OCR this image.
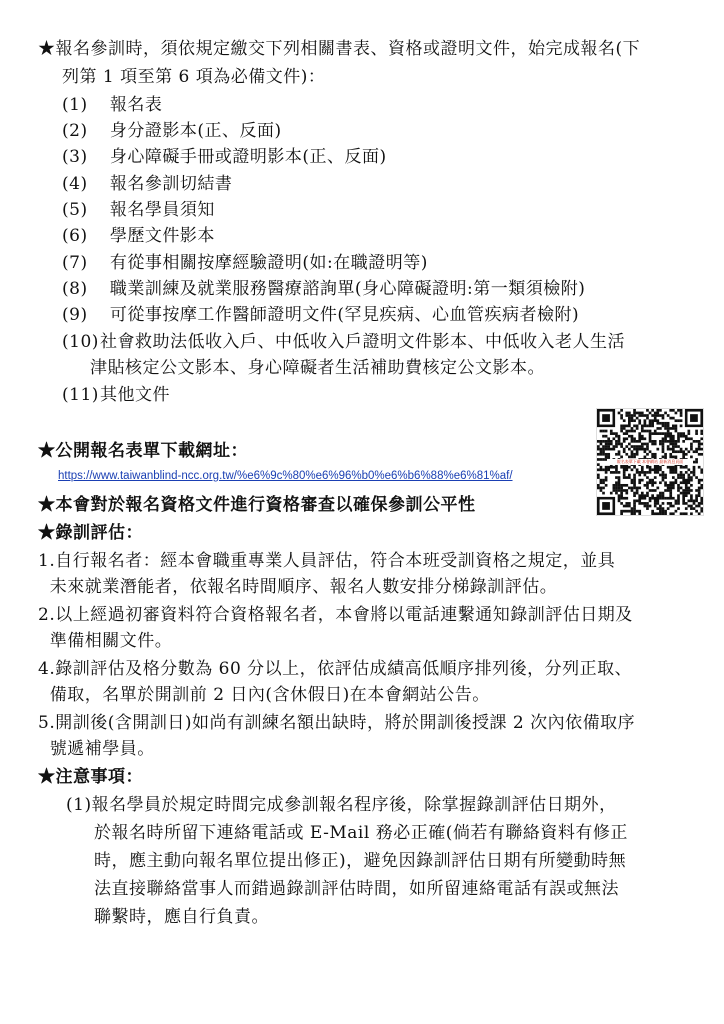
★報名參訓時，須依規定繳交下列相關書表、資格或證明文件，始完成報名(下
列第 1 項至第 6 項為必備文件)：
(1) 報名表
(2) 身分證影本(正、反面)
(3) 身心障礙手冊或證明影本(正、反面)
(4) 報名參訓切結書
(5) 報名學員須知
(6) 學歷文件影本
(7) 有從事相關按摩經驗證明(如:在職證明等)
(8) 職業訓練及就業服務醫療諮詢單(身心障礙證明:第一類須檢附)
(9) 可從事按摩工作醫師證明文件(罕見疾病、心血管疾病者檢附)
(10)社會救助法低收入戶、中低收入戶證明文件影本、中低收入老人生活
津貼核定公文影本、身心障礙者生活補助費核定公文影本。
(11)其他文件
★公開報名表單下載網址：
https://www.taiwanblind-ncc.org.tw/%e6%9c%80%e6%96%b0%e6%b6%88%e6%81%af/
報名表單下載 本會網站 最新消息頁面
★本會對於報名資格文件進行資格審查以確保參訓公平性
★錄訓評估：
1.自行報名者：經本會職重專業人員評估，符合本班受訓資格之規定，並具
未來就業潛能者，依報名時間順序、報名人數安排分梯錄訓評估。
2.以上經過初審資料符合資格報名者，本會將以電話連繫通知錄訓評估日期及
準備相關文件。
4.錄訓評估及格分數為 60 分以上，依評估成績高低順序排列後，分列正取、
備取，名單於開訓前 2 日內(含休假日)在本會網站公告。
5.開訓後(含開訓日)如尚有訓練名額出缺時，將於開訓後授課 2 次內依備取序
號遞補學員。
★注意事項：
(1)報名學員於規定時間完成參訓報名程序後，除掌握錄訓評估日期外，
於報名時所留下連絡電話或 E-Mail 務必正確(倘若有聯絡資料有修正
時，應主動向報名單位提出修正)，避免因錄訓評估日期有所變動時無
法直接聯絡當事人而錯過錄訓評估時間，如所留連絡電話有誤或無法
聯繫時，應自行負責。
